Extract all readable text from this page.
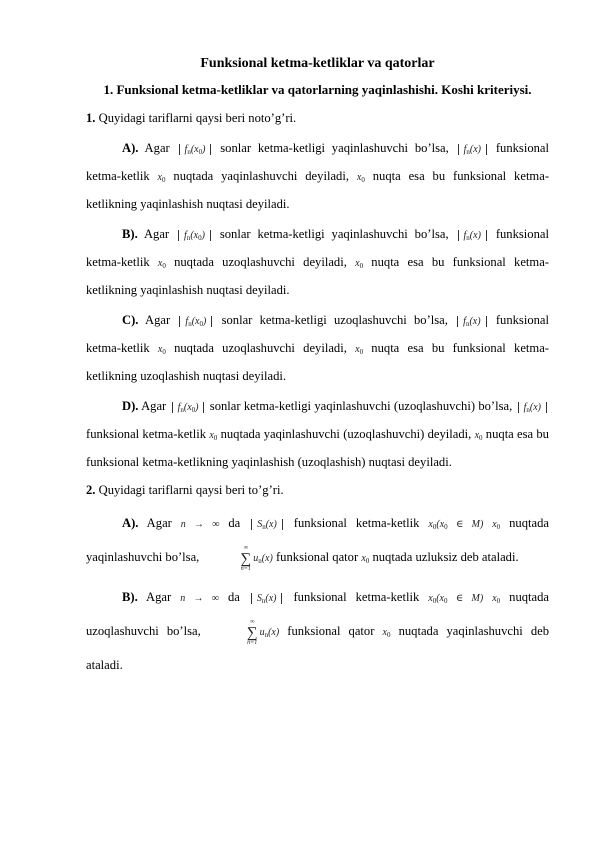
Funksional ketma-ketliklar va qatorlar
1. Funksional ketma-ketliklar va qatorlarning yaqinlashishi. Koshi kriteriysi.

1. Quyidagi tariflarni qaysi beri noto’g’ri.

A). Agar $f_n(x_0)$ sonlar ketma-ketligi yaqinlashuvchi bo’lsa, $f_n(x)$ funksional ketma-ketlik $x_0$ nuqtada yaqinlashuvchi deyiladi, $x_0$ nuqta esa bu funksional ketma-ketlikning yaqinlashish nuqtasi deyiladi.

B). Agar $f_n(x_0)$ sonlar ketma-ketligi yaqinlashuvchi bo’lsa, $f_n(x)$ funksional ketma-ketlik $x_0$ nuqtada uzoqlashuvchi deyiladi, $x_0$ nuqta esa bu funksional ketma-ketlikning yaqinlashish nuqtasi deyiladi.

C). Agar $f_n(x_0)$ sonlar ketma-ketligi uzoqlashuvchi bo’lsa, $f_n(x)$ funksional ketma-ketlik $x_0$ nuqtada uzoqlashuvchi deyiladi, $x_0$ nuqta esa bu funksional ketma-ketlikning uzoqlashish nuqtasi deyiladi.

D). Agar $f_n(x_0)$ sonlar ketma-ketligi yaqinlashuvchi (uzoqlashuvchi) bo’lsa, $f_n(x)$ funksional ketma-ketlik $x_0$ nuqtada yaqinlashuvchi (uzoqlashuvchi) deyiladi, $x_0$ nuqta esa bu funksional ketma-ketlikning yaqinlashish (uzoqlashish) nuqtasi deyiladi.

2. Quyidagi tariflarni qaysi beri to’g’ri.

A). Agar n → ∞ da $S_n(x)$ funksional ketma-ketlik $x_0(x_0$ ∈ M) $x_0$ nuqtada yaqinlashuvchi bo’lsa,
∞
∑
n=1
$u_n(x)$ funksional qator $x_0$ nuqtada uzluksiz deb ataladi.

B). Agar n → ∞ da $S_n(x)$ funksional ketma-ketlik $x_0(x_0$ ∈ M) $x_0$ nuqtada uzoqlashuvchi bo’lsa,
∞
∑
n=1
$u_n(x)$ funksional qator $x_0$ nuqtada yaqinlashuvchi deb ataladi.
